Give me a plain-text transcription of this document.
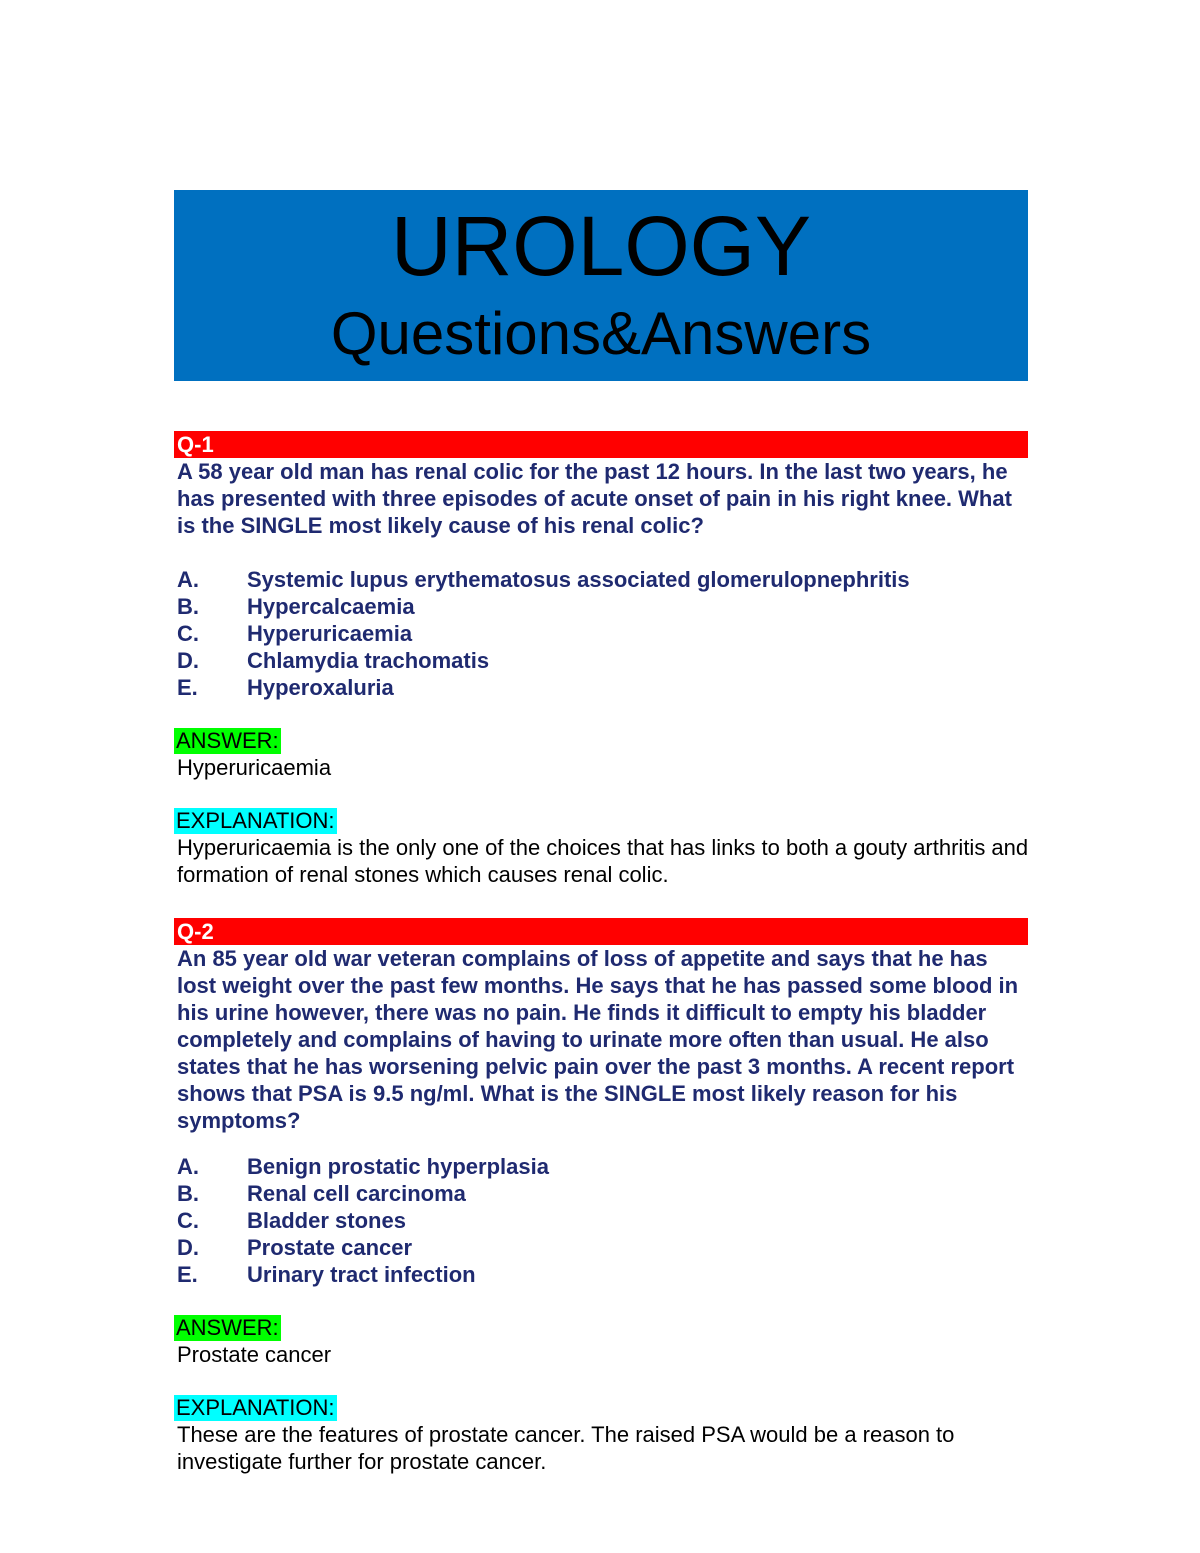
UROLOGY
Questions&Answers
Q-1

A 58 year old man has renal colic for the past 12 hours. In the last two years, he has presented with three episodes of acute onset of pain in his right knee. What is the SINGLE most likely cause of his renal colic?

A.	Systemic lupus erythematosus associated glomerulopnephritis
B.	Hypercalcaemia
C.	Hyperuricaemia
D.	Chlamydia trachomatis
E.	Hyperoxaluria
ANSWER:

Hyperuricaemia

EXPLANATION:

Hyperuricaemia is the only one of the choices that has links to both a gouty arthritis and formation of renal stones which causes renal colic.

Q-2

An 85 year old war veteran complains of loss of appetite and says that he has lost weight over the past few months. He says that he has passed some blood in his urine however, there was no pain. He finds it difficult to empty his bladder completely and complains of having to urinate more often than usual. He also states that he has worsening pelvic pain over the past 3 months. A recent report shows that PSA is 9.5 ng/ml. What is the SINGLE most likely reason for his symptoms?

A.	Benign prostatic hyperplasia
B.	Renal cell carcinoma
C.	Bladder stones
D.	Prostate cancer
E.	Urinary tract infection
ANSWER:

Prostate cancer

EXPLANATION:

These are the features of prostate cancer. The raised PSA would be a reason to investigate further for prostate cancer.
